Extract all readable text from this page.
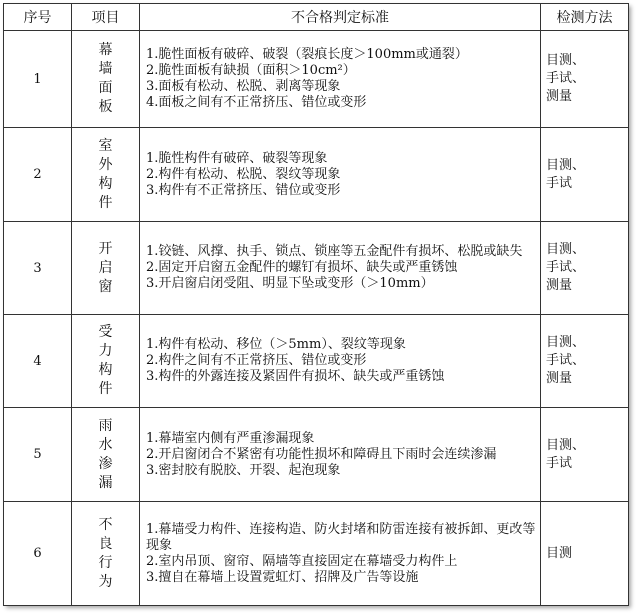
序号	项目	不合格判定标准	检测方法
1	幕墙面板	1.脆性面板有破碎、破裂（裂痕长度＞100mm或通裂）
2.脆性面板有缺损（面积＞10cm²）
3.面板有松动、松脱、剥离等现象
4.面板之间有不正常挤压、错位或变形	目测、手试、测量

2	室外构件	1.脆性构件有破碎、破裂等现象
2.构件有松动、松脱、裂纹等现象
3.构件有不正常挤压、错位或变形	目测、手试

3	开启窗	1.铰链、风撑、执手、锁点、锁座等五金配件有损坏、松脱或缺失
2.固定开启窗五金配件的螺钉有损坏、缺失或严重锈蚀
3.开启窗启闭受阻、明显下坠或变形（＞10mm）	目测、手试、测量

4	受力构件	1.构件有松动、移位（＞5mm）、裂纹等现象
2.构件之间有不正常挤压、错位或变形
3.构件的外露连接及紧固件有损坏、缺失或严重锈蚀	目测、手试、测量

5	雨水渗漏	1.幕墙室内侧有严重渗漏现象
2.开启窗闭合不紧密有功能性损坏和障碍且下雨时会连续渗漏
3.密封胶有脱胶、开裂、起泡现象	目测、手试

6	不良行为	1.幕墙受力构件、连接构造、防火封堵和防雷连接有被拆卸、更改等现象
2.室内吊顶、窗帘、隔墙等直接固定在幕墙受力构件上
3.擅自在幕墙上设置霓虹灯、招牌及广告等设施	目测
